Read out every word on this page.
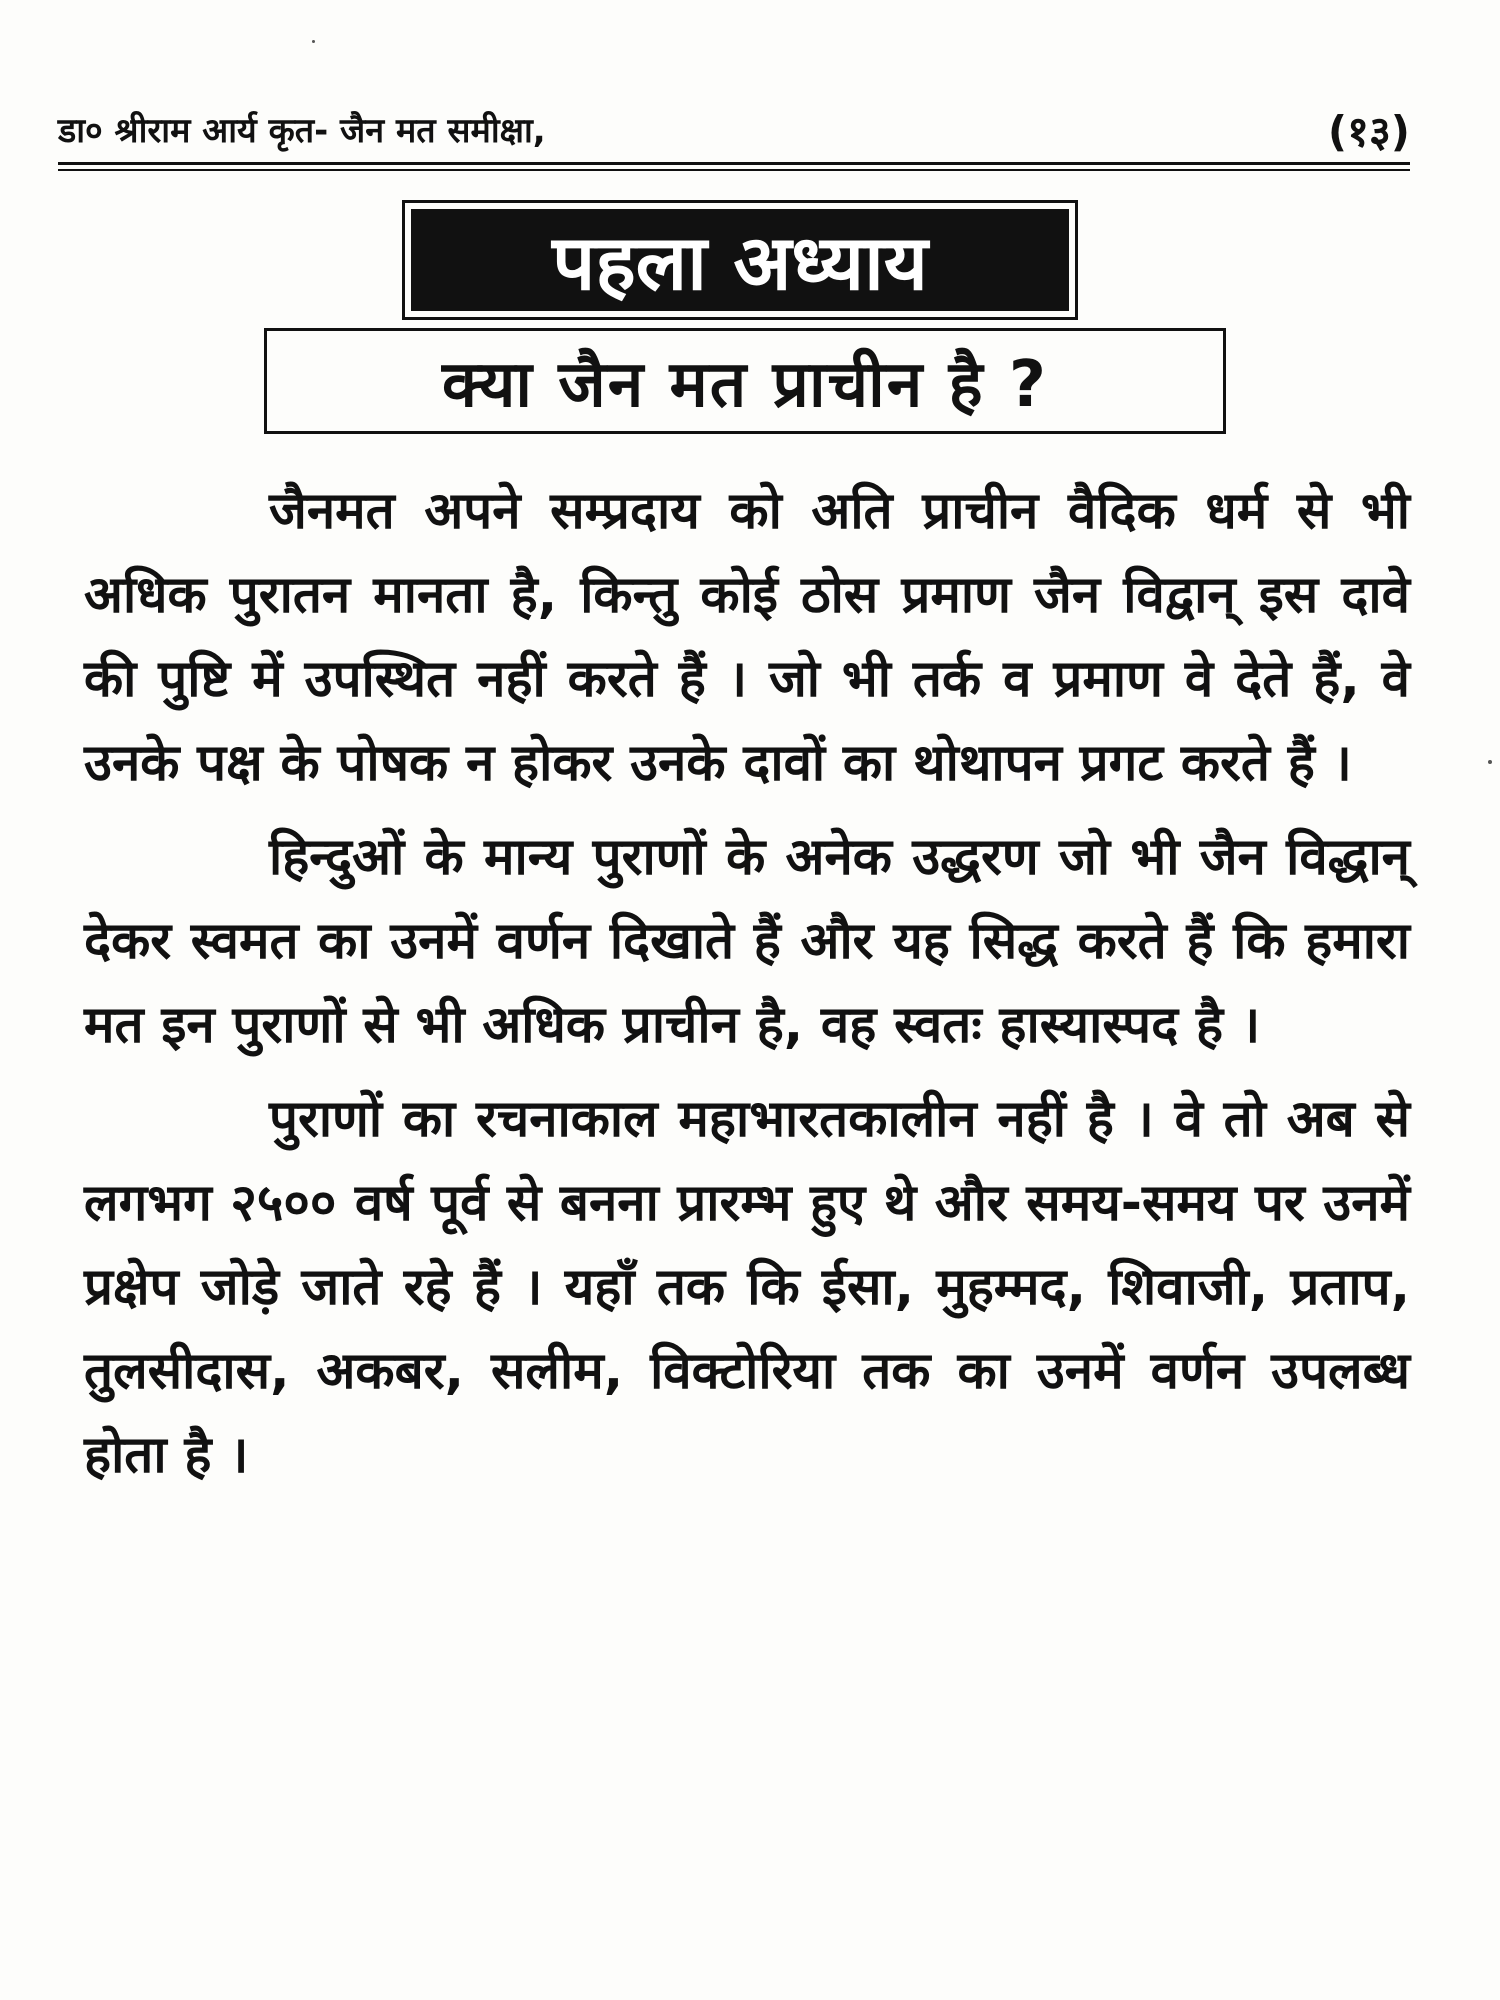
डा० श्रीराम आर्य कृत- जैन मत समीक्षा,	(१३)
पहला अध्याय
क्या जैन मत प्राचीन है ?

जैनमत अपने सम्प्रदाय को अति प्राचीन वैदिक धर्म से भी अधिक पुरातन मानता है, किन्तु कोई ठोस प्रमाण जैन विद्वान् इस दावे की पुष्टि में उपस्थित नहीं करते हैं । जो भी तर्क व प्रमाण वे देते हैं, वे उनके पक्ष के पोषक न होकर उनके दावों का थोथापन प्रगट करते हैं ।

हिन्दुओं के मान्य पुराणों के अनेक उद्धरण जो भी जैन विद्धान् देकर स्वमत का उनमें वर्णन दिखाते हैं और यह सिद्ध करते हैं कि हमारा मत इन पुराणों से भी अधिक प्राचीन है, वह स्वतः हास्यास्पद है ।

पुराणों का रचनाकाल महाभारतकालीन नहीं है । वे तो अब से लगभग २५०० वर्ष पूर्व से बनना प्रारम्भ हुए थे और समय-समय पर उनमें प्रक्षेप जोड़े जाते रहे हैं । यहाँ तक कि ईसा, मुहम्मद, शिवाजी, प्रताप, तुलसीदास, अकबर, सलीम, विक्टोरिया तक का उनमें वर्णन उपलब्ध होता है ।
